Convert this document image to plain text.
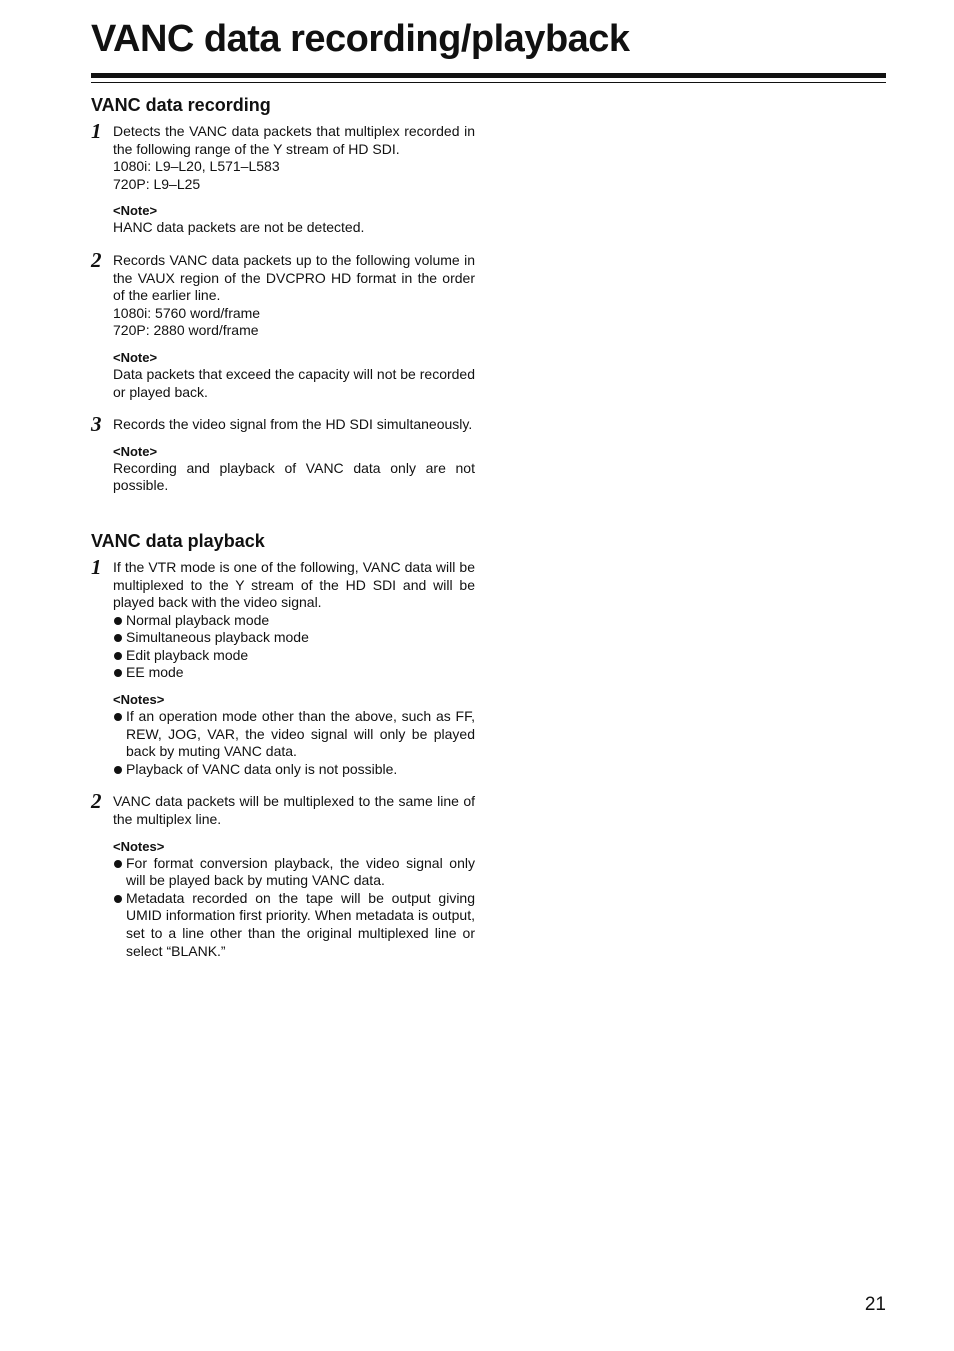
VANC data recording/playback
VANC data recording
1 Detects the VANC data packets that multiplex recorded in the following range of the Y stream of HD SDI.

1080i: L9–L20, L571–L583

720P: L9–L25

<Note>

HANC data packets are not be detected.

2 Records VANC data packets up to the following volume in the VAUX region of the DVCPRO HD format in the order of the earlier line.

1080i: 5760 word/frame

720P: 2880 word/frame

<Note>

Data packets that exceed the capacity will not be recorded or played back.

3 Records the video signal from the HD SDI simultaneously.

<Note>

Recording and playback of VANC data only are not possible.

VANC data playback
1 If the VTR mode is one of the following, VANC data will be multiplexed to the Y stream of the HD SDI and will be played back with the video signal.

Normal playback mode
Simultaneous playback mode
Edit playback mode
EE mode

<Notes>

If an operation mode other than the above, such as FF, REW, JOG, VAR, the video signal will only be played back by muting VANC data.
Playback of VANC data only is not possible.
2 VANC data packets will be multiplexed to the same line of the multiplex line.

<Notes>

For format conversion playback, the video signal only will be played back by muting VANC data.
Metadata recorded on the tape will be output giving UMID information first priority. When metadata is output, set to a line other than the original multiplexed line or select “BLANK.”
21
